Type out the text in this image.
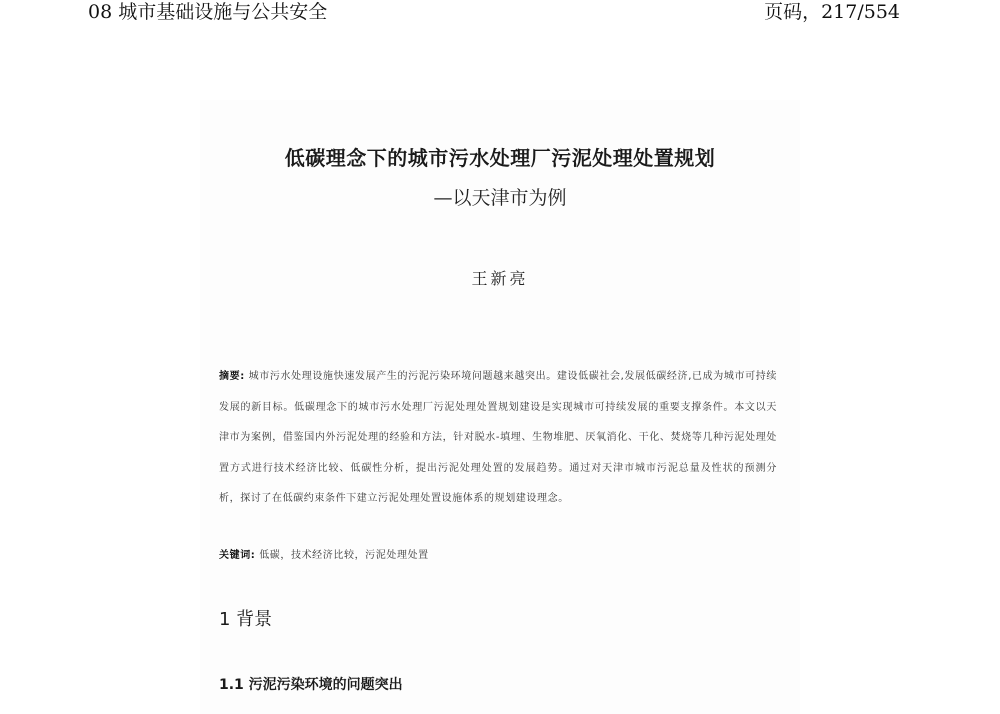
08 城市基础设施与公共安全	页码，217/554
低碳理念下的城市污水处理厂污泥处理处置规划
—以天津市为例
王新亮
摘要: 城市污水处理设施快速发展产生的污泥污染环境问题越来越突出。建设低碳社会,发展低碳经济,已成为城市可持续发展的新目标。低碳理念下的城市污水处理厂污泥处理处置规划建设是实现城市可持续发展的重要支撑条件。本文以天津市为案例，借鉴国内外污泥处理的经验和方法，针对脱水-填埋、生物堆肥、厌氧消化、干化、焚烧等几种污泥处理处置方式进行技术经济比较、低碳性分析，提出污泥处理处置的发展趋势。通过对天津市城市污泥总量及性状的预测分析，探讨了在低碳约束条件下建立污泥处理处置设施体系的规划建设理念。
关键词: 低碳，技术经济比较，污泥处理处置
1 背景
1.1 污泥污染环境的问题突出
